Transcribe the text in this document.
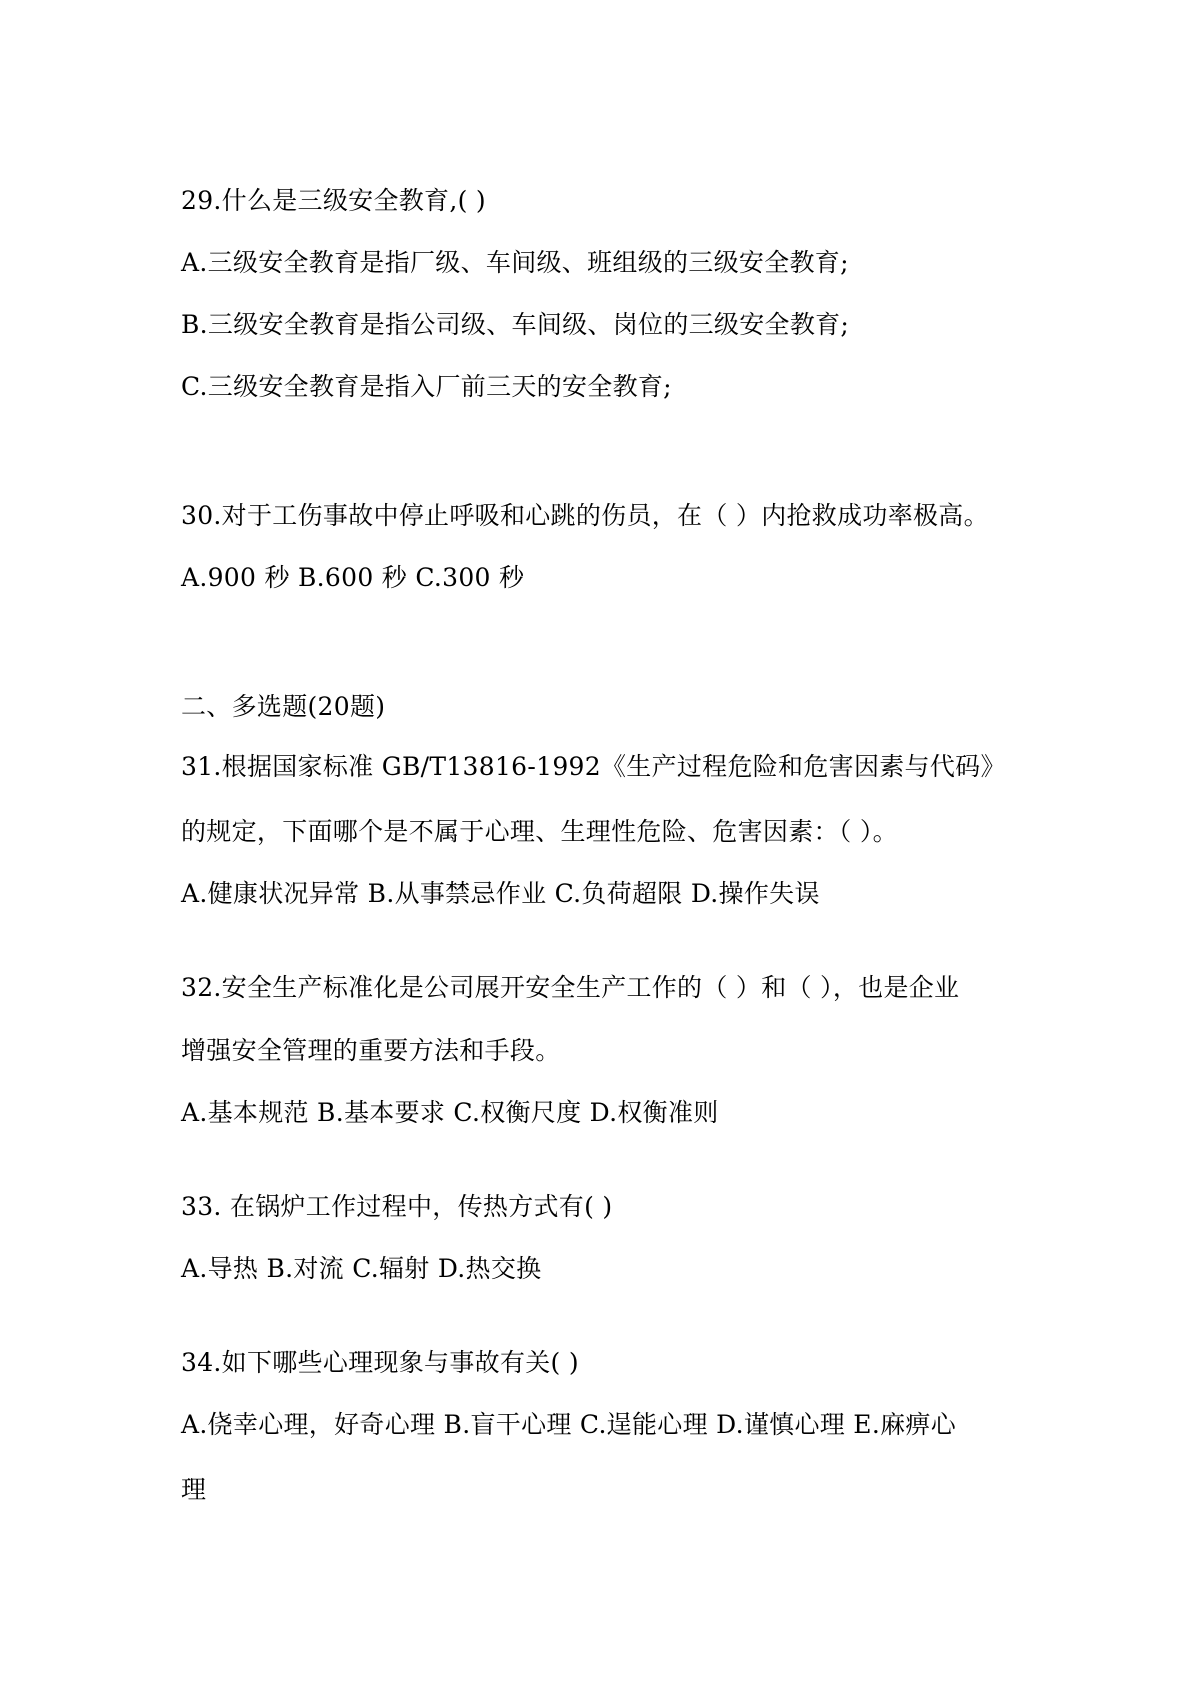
29.什么是三级安全教育,( )
A.三级安全教育是指厂级、车间级、班组级的三级安全教育;
B.三级安全教育是指公司级、车间级、岗位的三级安全教育;
C.三级安全教育是指入厂前三天的安全教育;
30.对于工伤事故中停止呼吸和心跳的伤员，在（ ）内抢救成功率极高。
A.900 秒 B.600 秒 C.300 秒
二、多选题(20题)
31.根据国家标准 GB/T13816-1992《生产过程危险和危害因素与代码》
的规定，下面哪个是不属于心理、生理性危险、危害因素：（ ）。
A.健康状况异常 B.从事禁忌作业 C.负荷超限 D.操作失误
32.安全生产标准化是公司展开安全生产工作的（ ）和（ ），也是企业
增强安全管理的重要方法和手段。
A.基本规范 B.基本要求 C.权衡尺度 D.权衡准则
33. 在锅炉工作过程中，传热方式有( )
A.导热 B.对流 C.辐射 D.热交换
34.如下哪些心理现象与事故有关( )
A.侥幸心理，好奇心理 B.盲干心理 C.逞能心理 D.谨慎心理 E.麻痹心
理
